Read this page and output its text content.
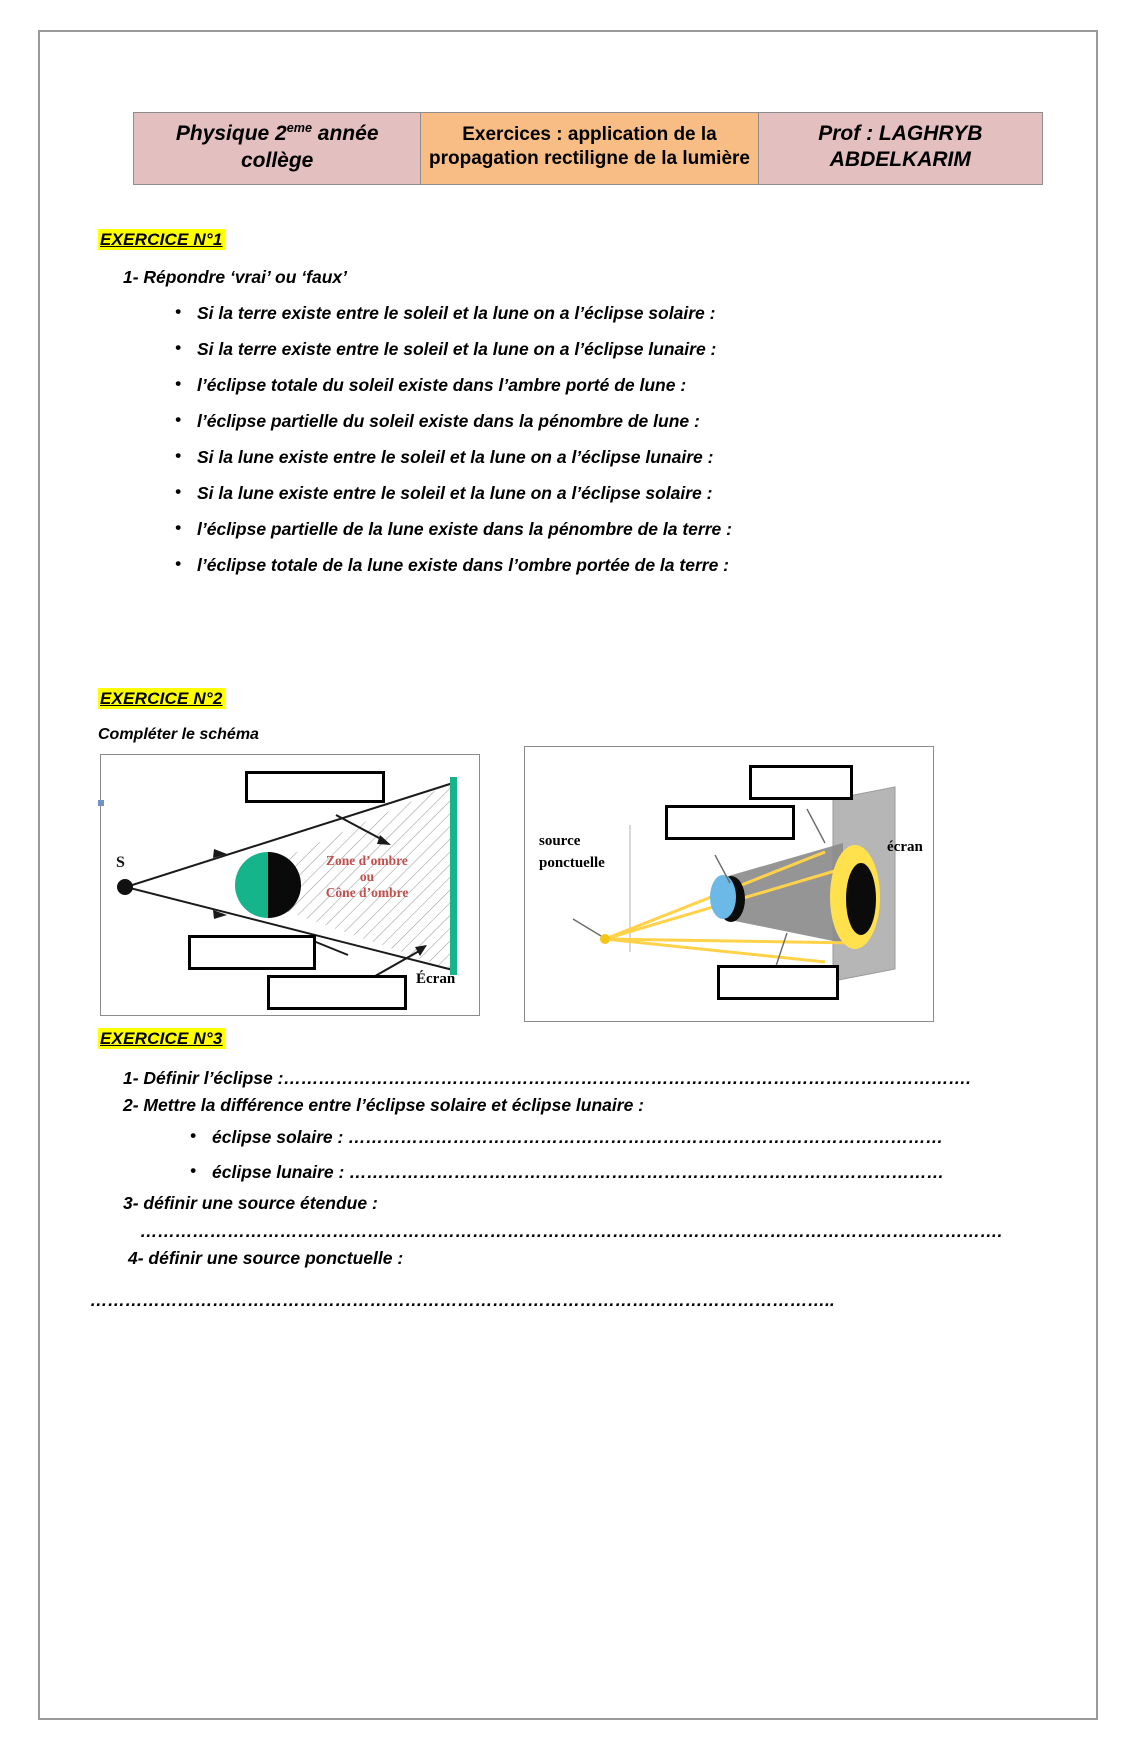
Physique 2eme année
collège
Exercices : application de la propagation rectiligne de la lumière
Prof : LAGHRYB
ABDELKARIM
EXERCICE N°1
1- Répondre ‘vrai’ ou ‘faux’
• Si la terre existe entre le soleil et la lune on a l’éclipse solaire :
• Si la terre existe entre le soleil et la lune on a l’éclipse lunaire :
• l’éclipse totale du soleil existe dans l’ambre porté de lune :
• l’éclipse partielle du soleil existe dans la pénombre de lune :
• Si la lune existe entre le soleil et la lune on a l’éclipse lunaire :
• Si la lune existe entre le soleil et la lune on a l’éclipse solaire :
• l’éclipse partielle de la lune existe dans la pénombre de la terre :
• l’éclipse totale de la lune existe dans l’ombre portée de la terre :
EXERCICE N°2
Compléter le schéma
S	Zone d’ombre
ou
Cône d’ombre
Écran
source
ponctuelle
écran
EXERCICE N°3
1- Définir l’éclipse :……………………………………………………………………………………………………….
2- Mettre la différence entre l’éclipse solaire et éclipse lunaire :
• éclipse solaire : …………………………………………………………………………………………
• éclipse lunaire : …………………………………………………………………………………………
3- définir une source étendue :
………………………………………………………………………………………………………………………………….
4- définir une source ponctuelle :
………………………………………………………………………………………………………………..
